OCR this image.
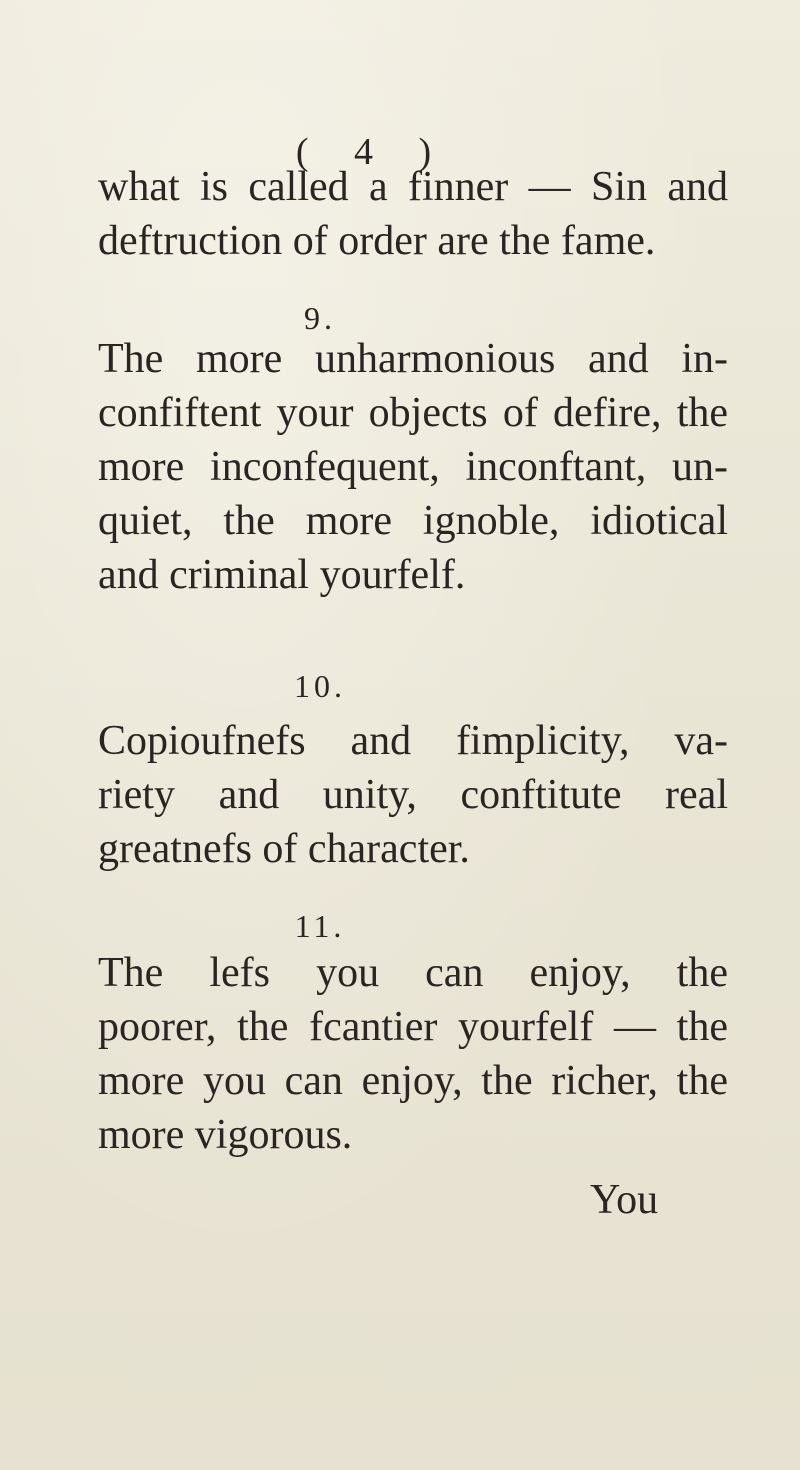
( 4 )
what is called a finner — Sin and
deftruction of order are the fame.
9.
The more unharmonious and in-
confiftent your objects of defire, the
more inconfequent, inconftant, un-
quiet, the more ignoble, idiotical
and criminal yourfelf.
10.
Copioufnefs and fimplicity, va-
riety and unity, conftitute real
greatnefs of character.
11.
The lefs you can enjoy, the
poorer, the fcantier yourfelf — the
more you can enjoy, the richer, the
more vigorous.
You
